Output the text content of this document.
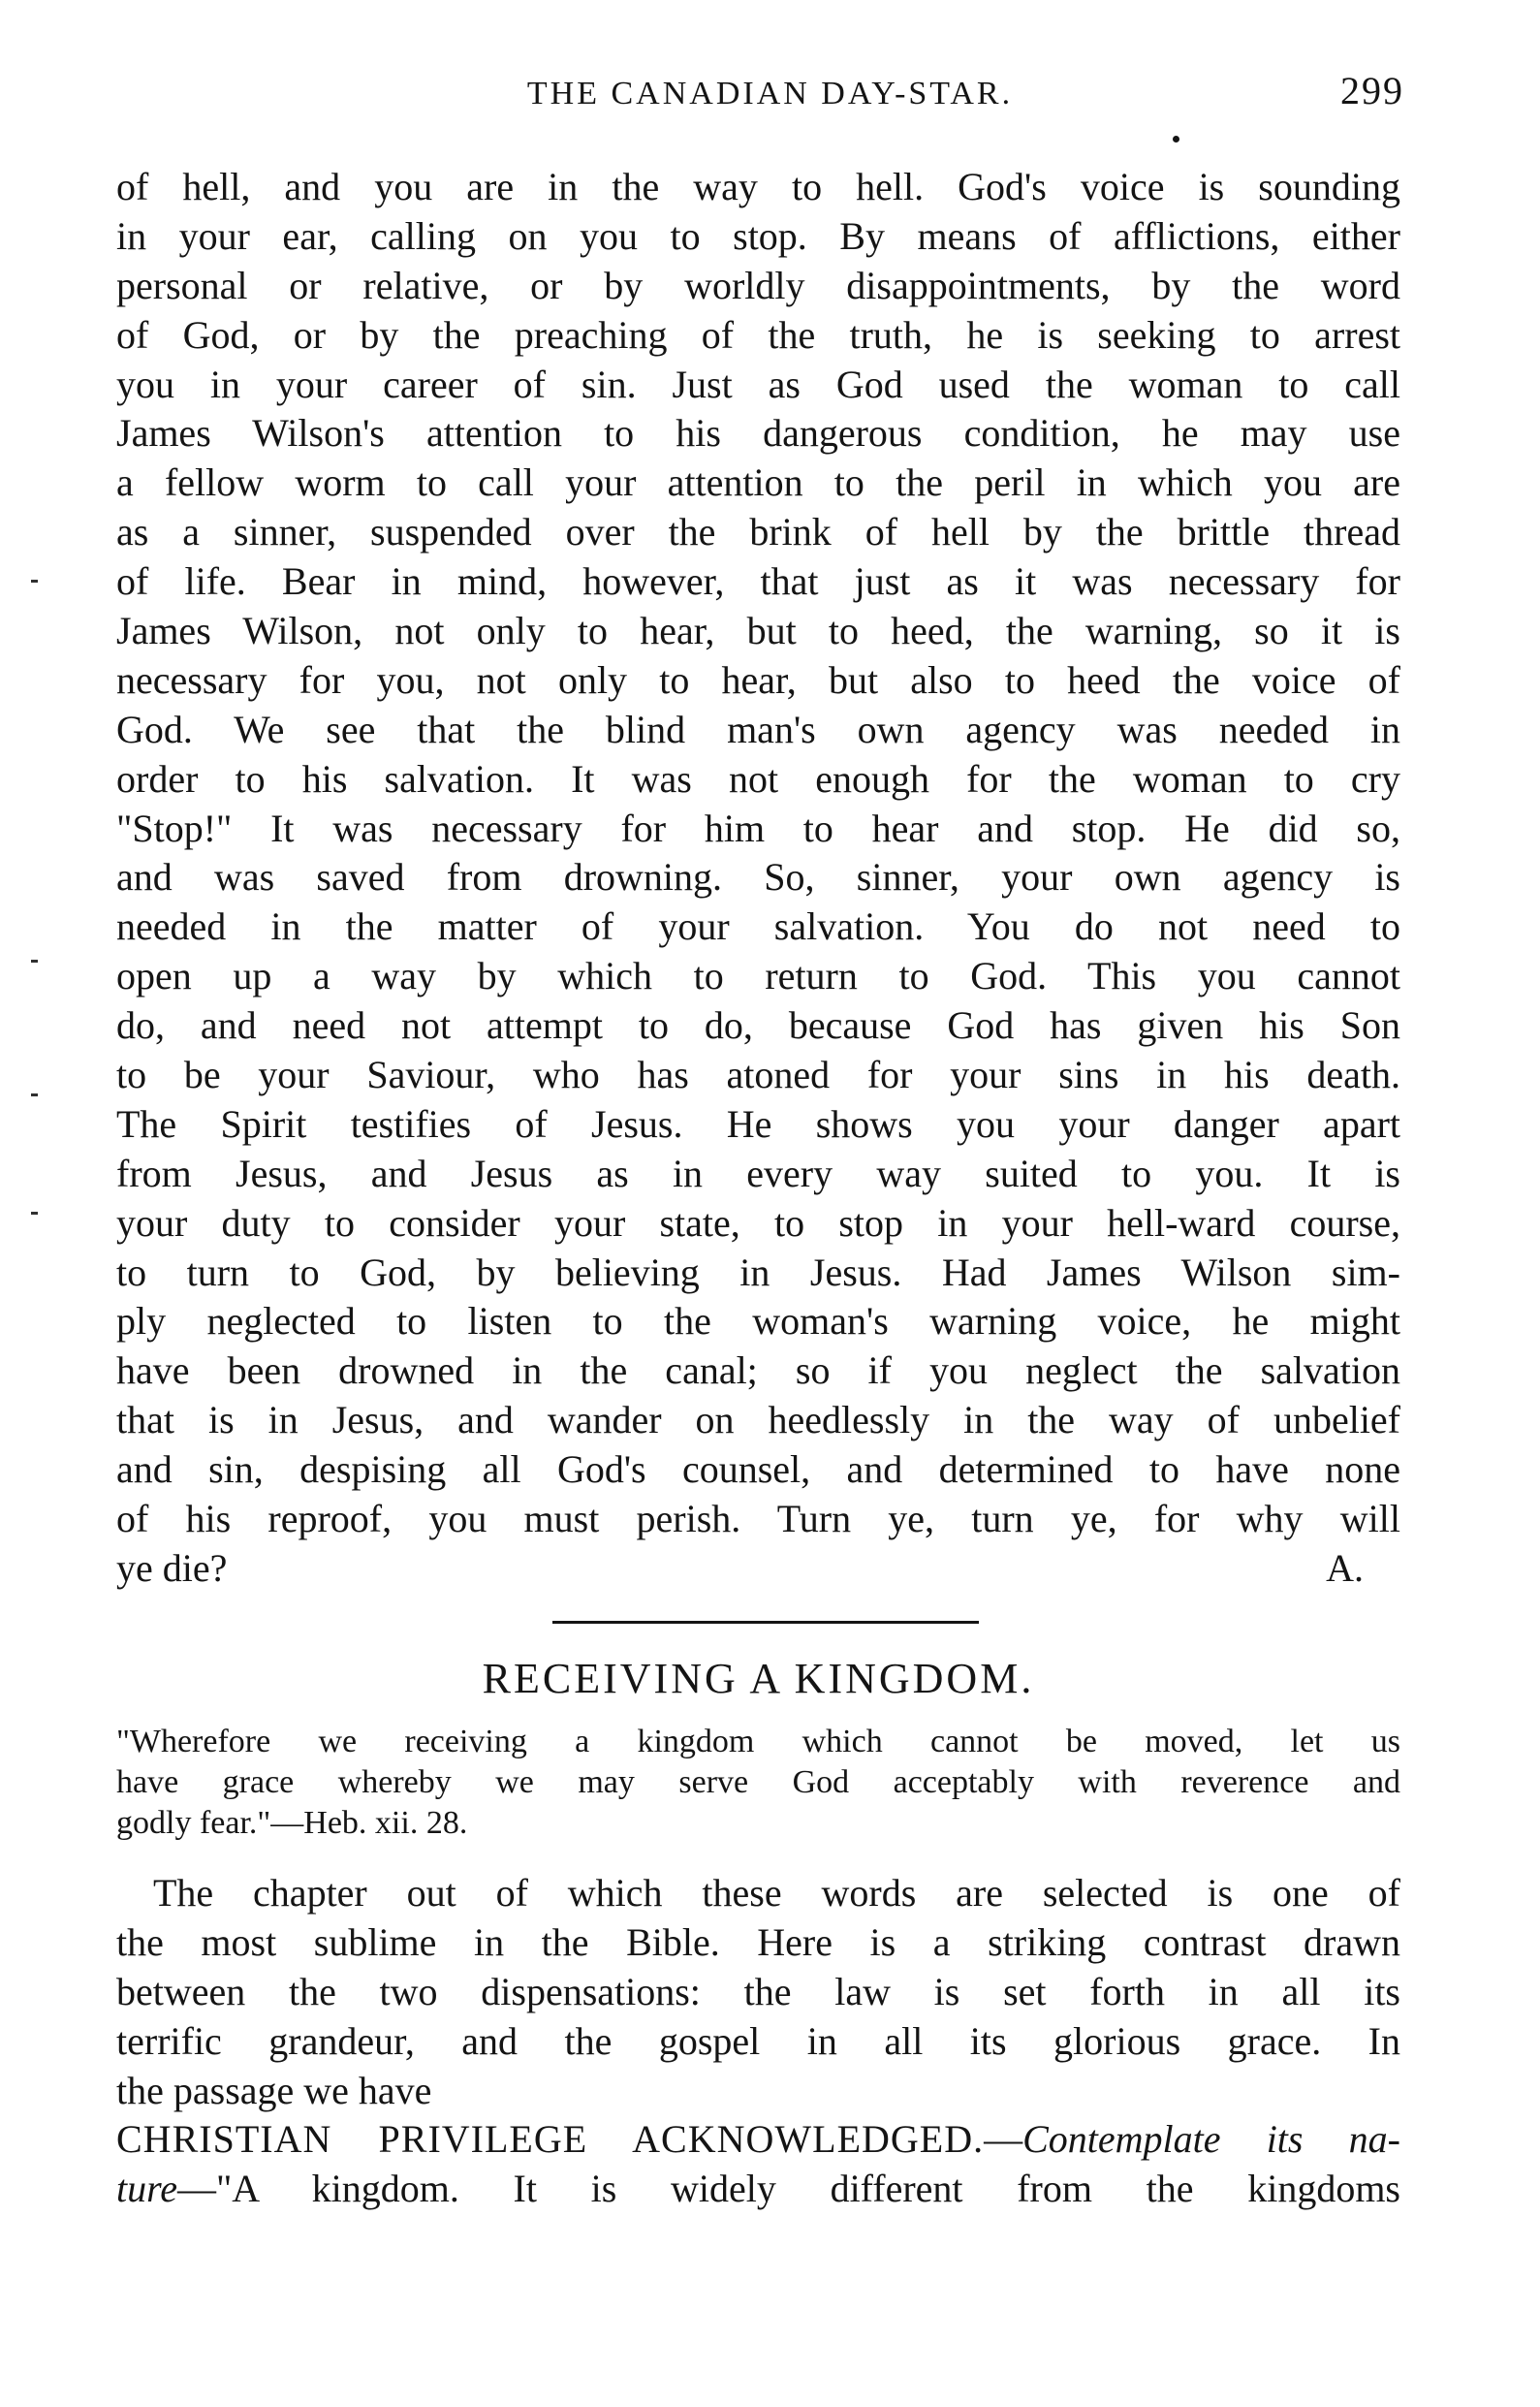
THE CANADIAN DAY-STAR.	299
of hell, and you are in the way to hell. God's voice is sounding
in your ear, calling on you to stop. By means of afflictions, either
personal or relative, or by worldly disappointments, by the word
of God, or by the preaching of the truth, he is seeking to arrest
you in your career of sin. Just as God used the woman to call
James Wilson's attention to his dangerous condition, he may use
a fellow worm to call your attention to the peril in which you are
as a sinner, suspended over the brink of hell by the brittle thread
of life. Bear in mind, however, that just as it was necessary for
James Wilson, not only to hear, but to heed, the warning, so it is
necessary for you, not only to hear, but also to heed the voice of
God. We see that the blind man's own agency was needed in
order to his salvation. It was not enough for the woman to cry
"Stop!" It was necessary for him to hear and stop. He did so,
and was saved from drowning. So, sinner, your own agency is
needed in the matter of your salvation. You do not need to
open up a way by which to return to God. This you cannot
do, and need not attempt to do, because God has given his Son
to be your Saviour, who has atoned for your sins in his death.
The Spirit testifies of Jesus. He shows you your danger apart
from Jesus, and Jesus as in every way suited to you. It is
your duty to consider your state, to stop in your hell-ward course,
to turn to God, by believing in Jesus. Had James Wilson sim-
ply neglected to listen to the woman's warning voice, he might
have been drowned in the canal; so if you neglect the salvation
that is in Jesus, and wander on heedlessly in the way of unbelief
and sin, despising all God's counsel, and determined to have none
of his reproof, you must perish. Turn ye, turn ye, for why will
ye die?	A.
RECEIVING A KINGDOM.
"Wherefore we receiving a kingdom which cannot be moved, let us
have grace whereby we may serve God acceptably with reverence and
godly fear."—Heb. xii. 28.
The chapter out of which these words are selected is one of
the most sublime in the Bible. Here is a striking contrast drawn
between the two dispensations: the law is set forth in all its
terrific grandeur, and the gospel in all its glorious grace. In
the passage we have
CHRISTIAN PRIVILEGE ACKNOWLEDGED.—Contemplate its na-
ture—"A kingdom. It is widely different from the kingdoms
